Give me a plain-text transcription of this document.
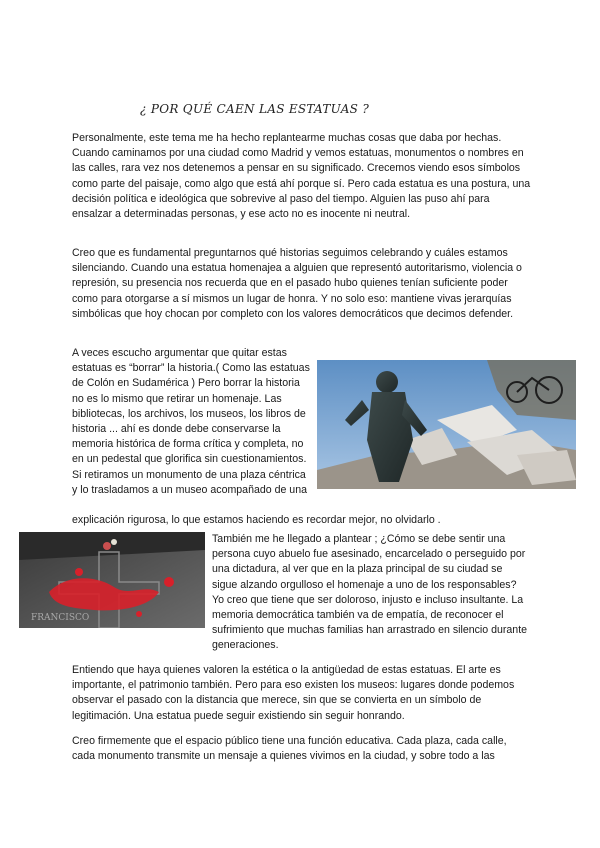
¿ POR QUÉ CAEN LAS ESTATUAS ?

Personalmente, este tema me ha hecho replantearme muchas cosas que daba por hechas. Cuando caminamos por una ciudad como Madrid y vemos estatuas, monumentos o nombres en las calles, rara vez nos detenemos a pensar en su significado. Crecemos viendo esos símbolos como parte del paisaje, como algo que está ahí porque sí. Pero cada estatua es una postura, una decisión política e ideológica que sobrevive al paso del tiempo. Alguien las puso ahí para ensalzar a determinadas personas, y ese acto no es inocente ni neutral.

Creo que es fundamental preguntarnos qué historias seguimos celebrando y cuáles estamos silenciando. Cuando una estatua homenajea a alguien que representó autoritarismo, violencia o represión, su presencia nos recuerda que en el pasado hubo quienes tenían suficiente poder como para otorgarse a sí mismos un lugar de honra. Y no solo eso: mantiene vivas jerarquías simbólicas que hoy chocan por completo con los valores democráticos que decimos defender.

A veces escucho argumentar que quitar estas estatuas es “borrar” la historia.( Como las estatuas de Colón en Sudamérica ) Pero borrar la historia no es lo mismo que retirar un homenaje. Las bibliotecas, los archivos, los museos, los libros de historia ... ahí es donde debe conservarse la memoria histórica de forma crítica y completa, no en un pedestal que glorifica sin cuestionamientos. Si retiramos un monumento de una plaza céntrica y lo trasladamos a un museo acompañado de una

explicación rigurosa, lo que estamos haciendo es recordar mejor, no olvidarlo .

FRANCISCO

También me he llegado a plantear ; ¿Cómo se debe sentir una persona cuyo abuelo fue asesinado, encarcelado o perseguido por una dictadura, al ver que en la plaza principal de su ciudad se sigue alzando orgulloso el homenaje a uno de los responsables? Yo creo que tiene que ser doloroso, injusto e incluso insultante. La memoria democrática también va de empatía, de reconocer el sufrimiento que muchas familias han arrastrado en silencio durante generaciones.

Entiendo que haya quienes valoren la estética o la antigüedad de estas estatuas. El arte es importante, el patrimonio también. Pero para eso existen los museos: lugares donde podemos observar el pasado con la distancia que merece, sin que se convierta en un símbolo de legitimación. Una estatua puede seguir existiendo sin seguir honrando.

Creo firmemente que el espacio público tiene una función educativa. Cada plaza, cada calle, cada monumento transmite un mensaje a quienes vivimos en la ciudad, y sobre todo a las
